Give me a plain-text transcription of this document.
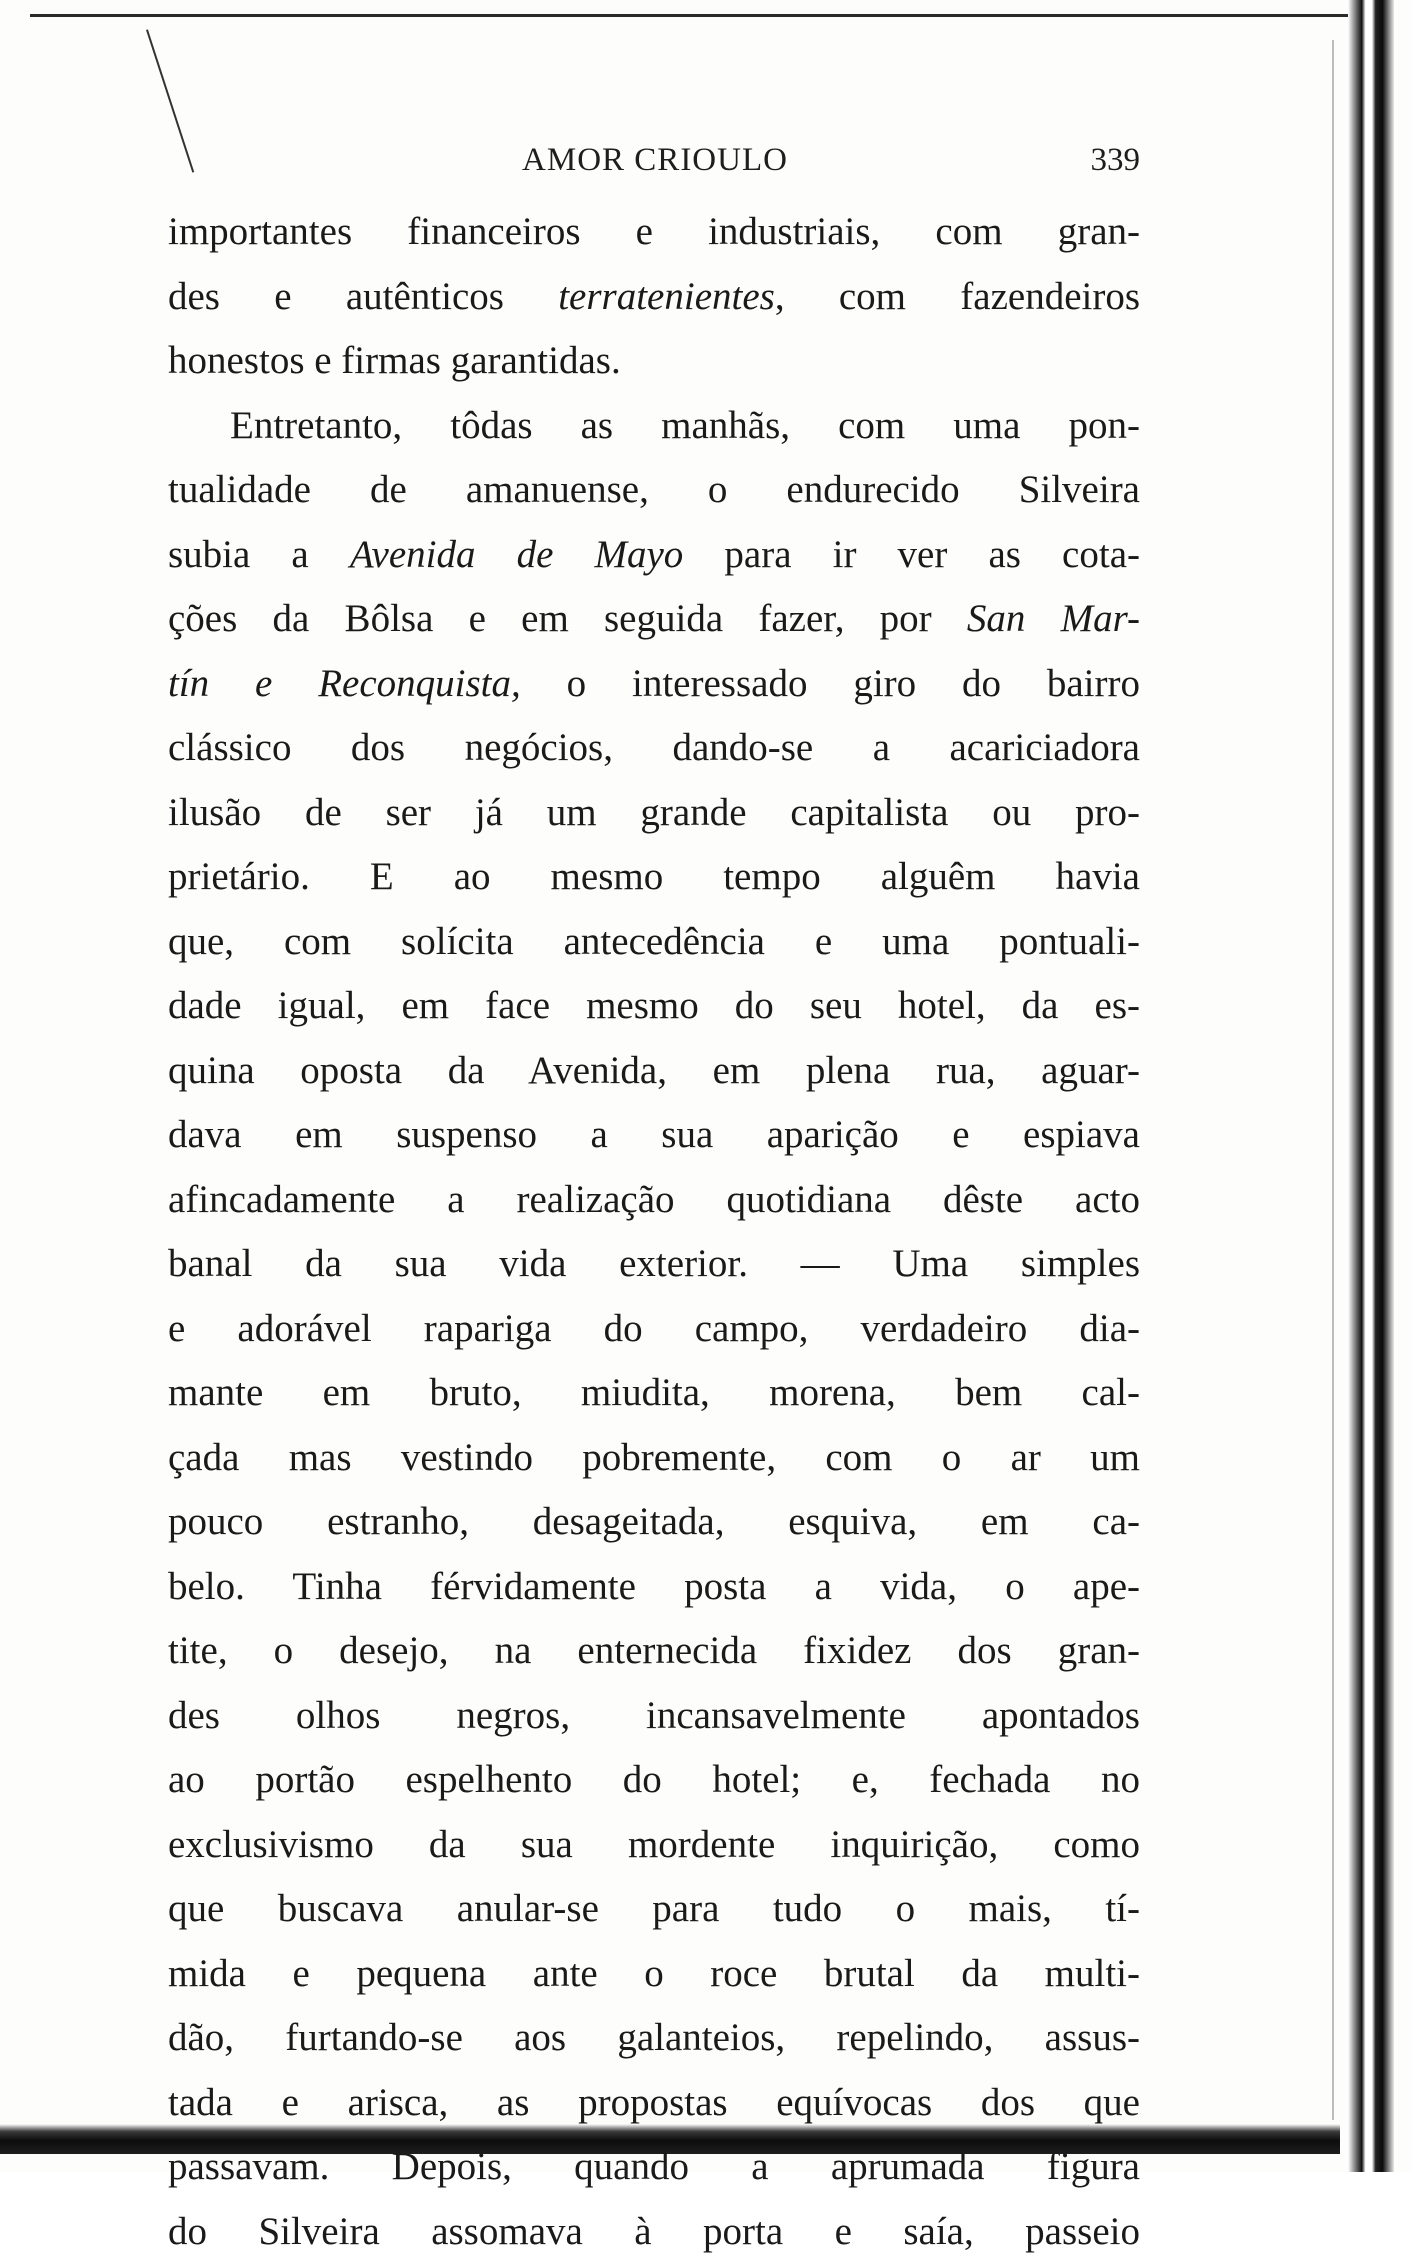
AMOR CRIOULO	339
importantes financeiros e industriais, com gran-
des e autênticos terratenientes, com fazendeiros
honestos e firmas garantidas.
Entretanto, tôdas as manhãs, com uma pon-
tualidade de amanuense, o endurecido Silveira
subia a Avenida de Mayo para ir ver as cota-
ções da Bôlsa e em seguida fazer, por San Mar-
tín e Reconquista, o interessado giro do bairro
clássico dos negócios, dando-se a acariciadora
ilusão de ser já um grande capitalista ou pro-
prietário. E ao mesmo tempo alguêm havia
que, com solícita antecedência e uma pontuali-
dade igual, em face mesmo do seu hotel, da es-
quina oposta da Avenida, em plena rua, aguar-
dava em suspenso a sua aparição e espiava
afincadamente a realização quotidiana dêste acto
banal da sua vida exterior. — Uma simples
e adorável rapariga do campo, verdadeiro dia-
mante em bruto, miudita, morena, bem cal-
çada mas vestindo pobremente, com o ar um
pouco estranho, desageitada, esquiva, em ca-
belo. Tinha férvidamente posta a vida, o ape-
tite, o desejo, na enternecida fixidez dos gran-
des olhos negros, incansavelmente apontados
ao portão espelhento do hotel; e, fechada no
exclusivismo da sua mordente inquirição, como
que buscava anular-se para tudo o mais, tí-
mida e pequena ante o roce brutal da multi-
dão, furtando-se aos galanteios, repelindo, assus-
tada e arisca, as propostas equívocas dos que
passavam. Depois, quando a aprumada figura
do Silveira assomava à porta e saía, passeio
